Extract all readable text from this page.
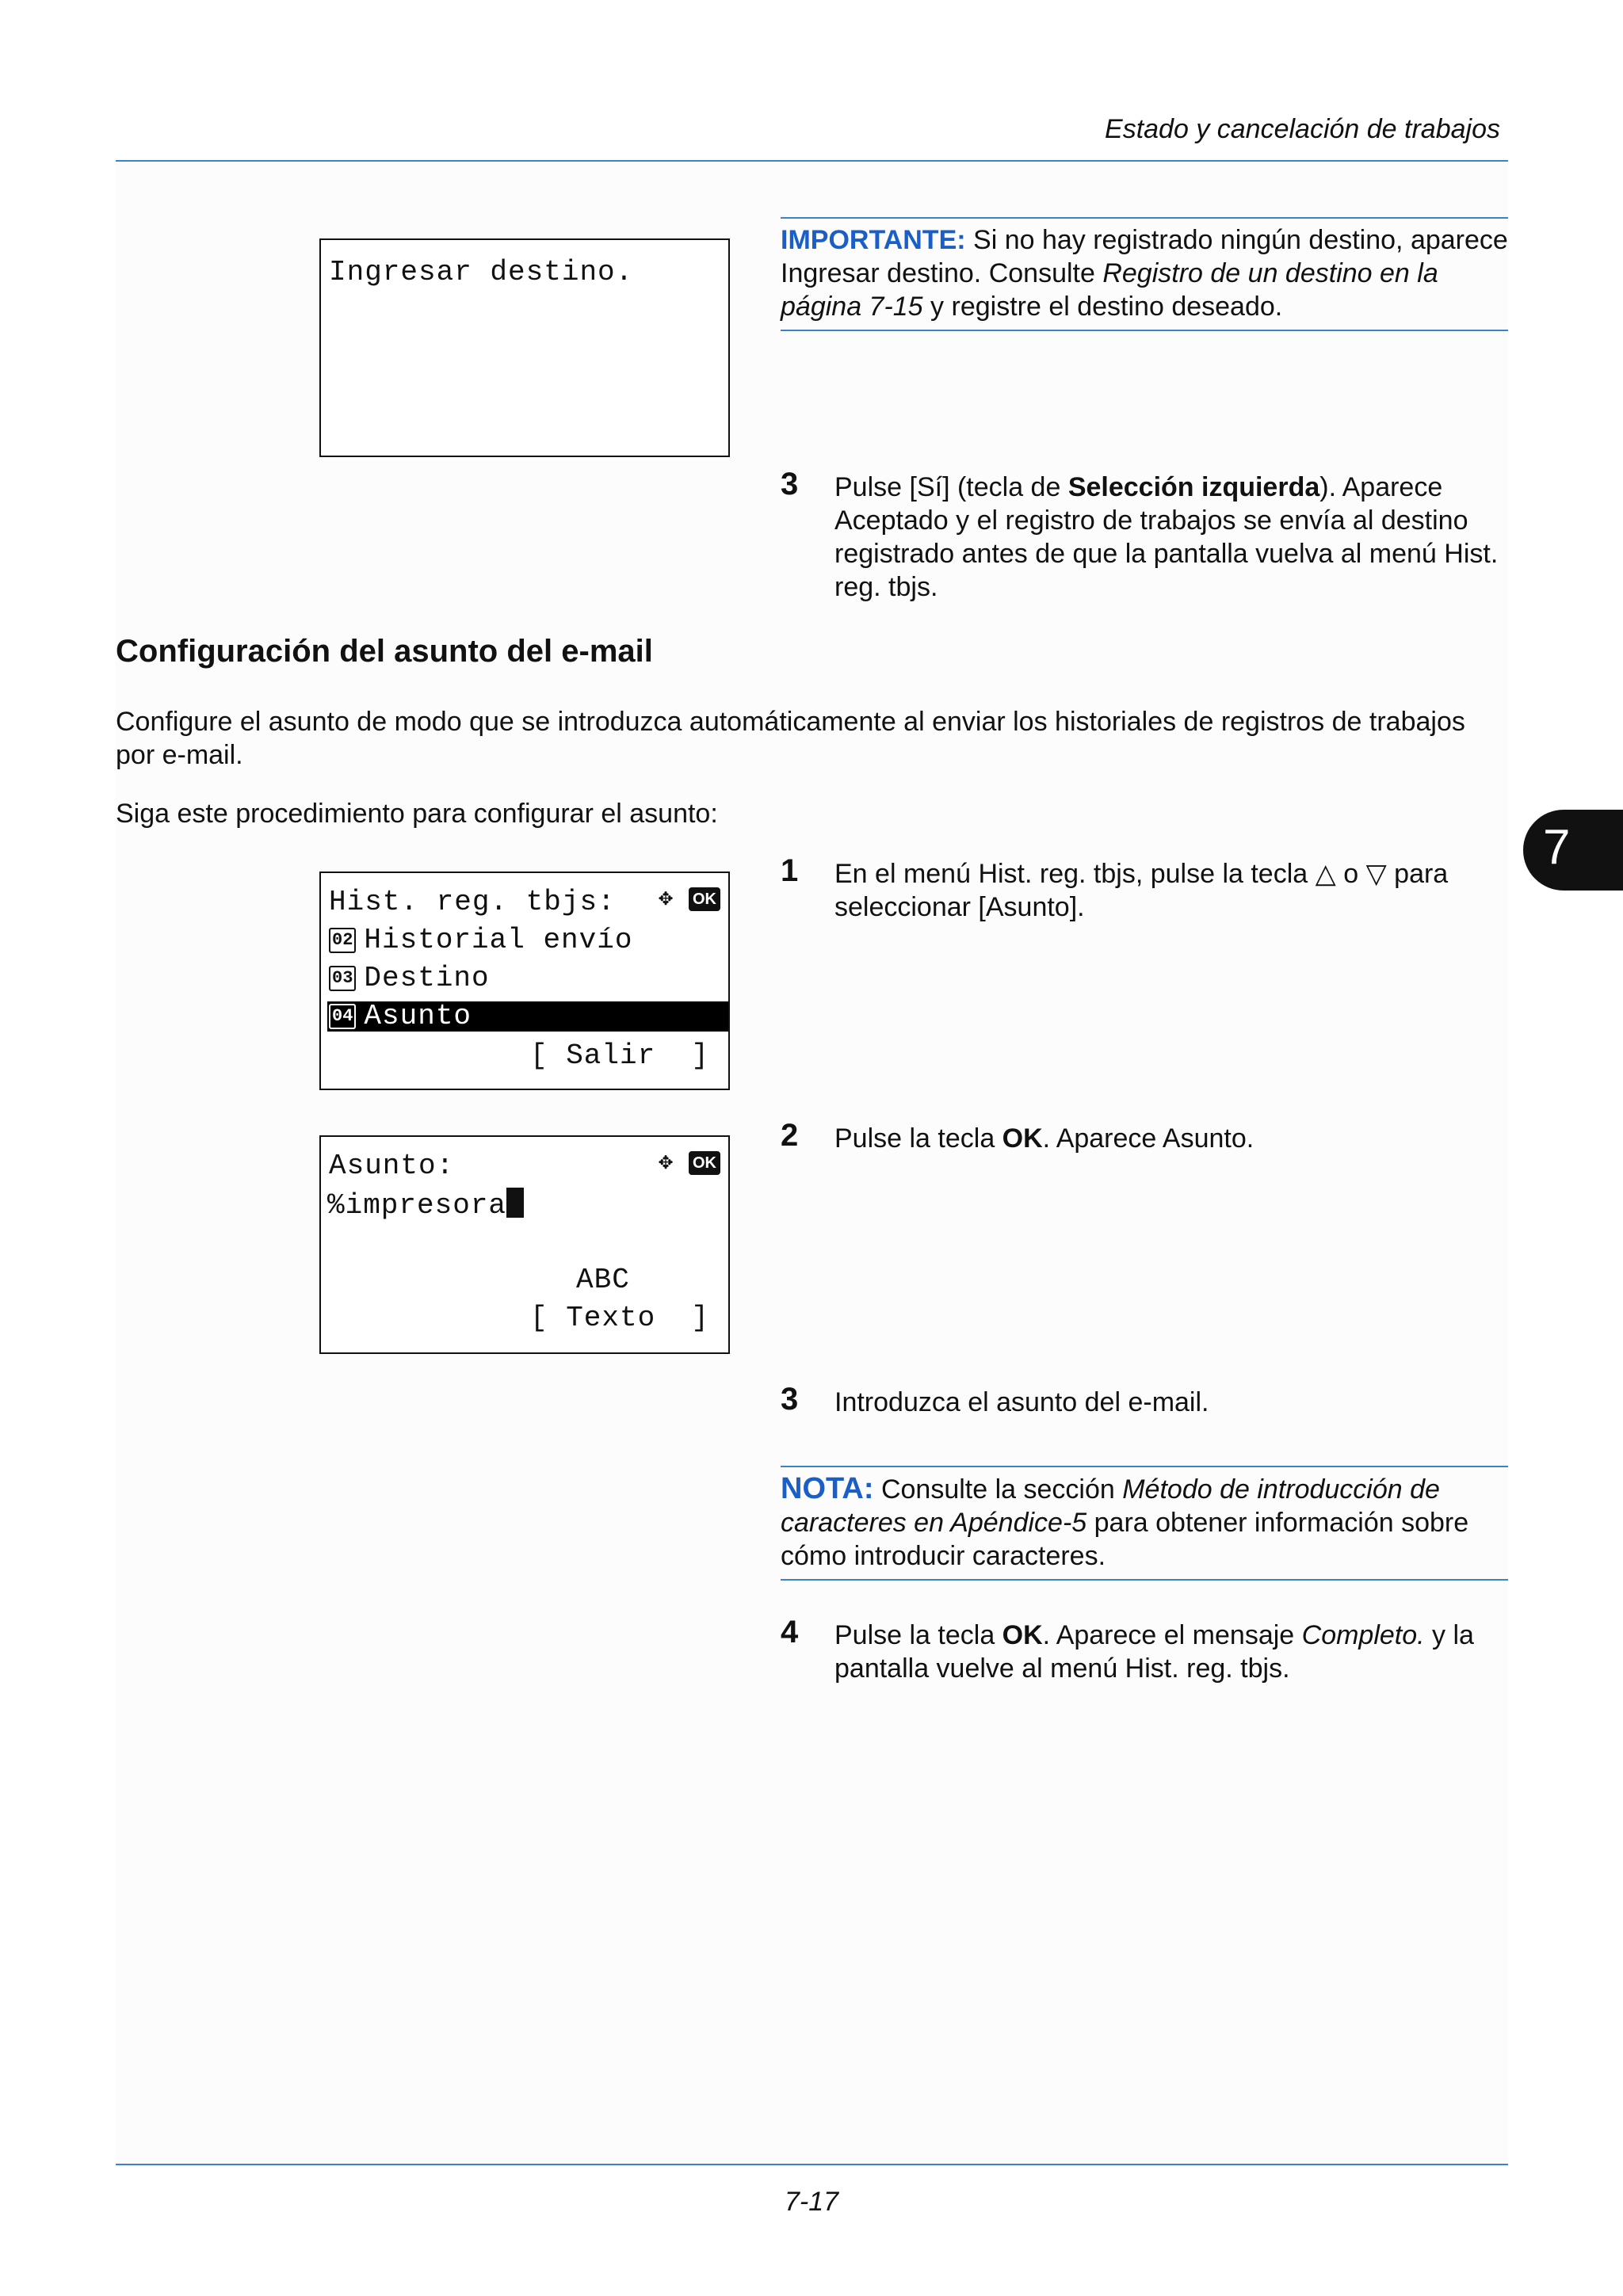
Estado y cancelación de trabajos
7
Ingresar destino.
IMPORTANTE: Si no hay registrado ningún destino, aparece Ingresar destino. Consulte Registro de un destino en la página 7-15 y registre el destino deseado.
3 Pulse [Sí] (tecla de Selección izquierda). Aparece Aceptado y el registro de trabajos se envía al destino registrado antes de que la pantalla vuelva al menú Hist. reg. tbjs.
Configuración del asunto del e-mail
Configure el asunto de modo que se introduzca automáticamente al enviar los historiales de registros de trabajos por e-mail.
Siga este procedimiento para configurar el asunto:
Hist. reg. tbjs: ✥ OK
02 Historial envío
03 Destino
04 Asunto
[ Salir  ]
1 En el menú Hist. reg. tbjs, pulse la tecla △ o ▽ para seleccionar [Asunto].
Asunto:	✥ OK
%impresora
ABC
[ Texto  ]
2 Pulse la tecla OK. Aparece Asunto.
3 Introduzca el asunto del e-mail.
NOTA: Consulte la sección Método de introducción de caracteres en Apéndice-5 para obtener información sobre cómo introducir caracteres.
4 Pulse la tecla OK. Aparece el mensaje Completo. y la pantalla vuelve al menú Hist. reg. tbjs.
7-17
